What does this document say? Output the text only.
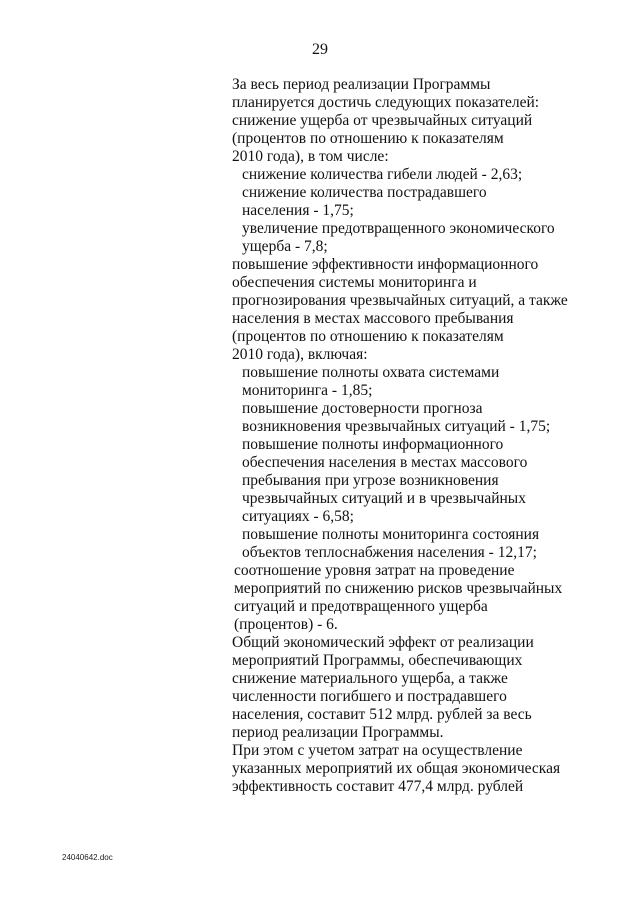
29
За весь период реализации Программы
планируется достичь следующих показателей:
снижение ущерба от чрезвычайных ситуаций
(процентов по отношению к показателям
2010 года), в том числе:
снижение количества гибели людей - 2,63;
снижение количества пострадавшего
населения - 1,75;
увеличение предотвращенного экономического
ущерба - 7,8;
повышение эффективности информационного
обеспечения системы мониторинга и
прогнозирования чрезвычайных ситуаций, а также
населения в местах массового пребывания
(процентов по отношению к показателям
2010 года), включая:
повышение полноты охвата системами
мониторинга - 1,85;
повышение достоверности прогноза
возникновения чрезвычайных ситуаций - 1,75;
повышение полноты информационного
обеспечения населения в местах массового
пребывания при угрозе возникновения
чрезвычайных ситуаций и в чрезвычайных
ситуациях - 6,58;
повышение полноты мониторинга состояния
объектов теплоснабжения населения - 12,17;
соотношение уровня затрат на проведение
мероприятий по снижению рисков чрезвычайных
ситуаций и предотвращенного ущерба
(процентов) - 6.
Общий экономический эффект от реализации
мероприятий Программы, обеспечивающих
снижение материального ущерба, а также
численности погибшего и пострадавшего
населения, составит 512 млрд. рублей за весь
период реализации Программы.
При этом с учетом затрат на осуществление
указанных мероприятий их общая экономическая
эффективность составит 477,4 млрд. рублей
24040642.doc
